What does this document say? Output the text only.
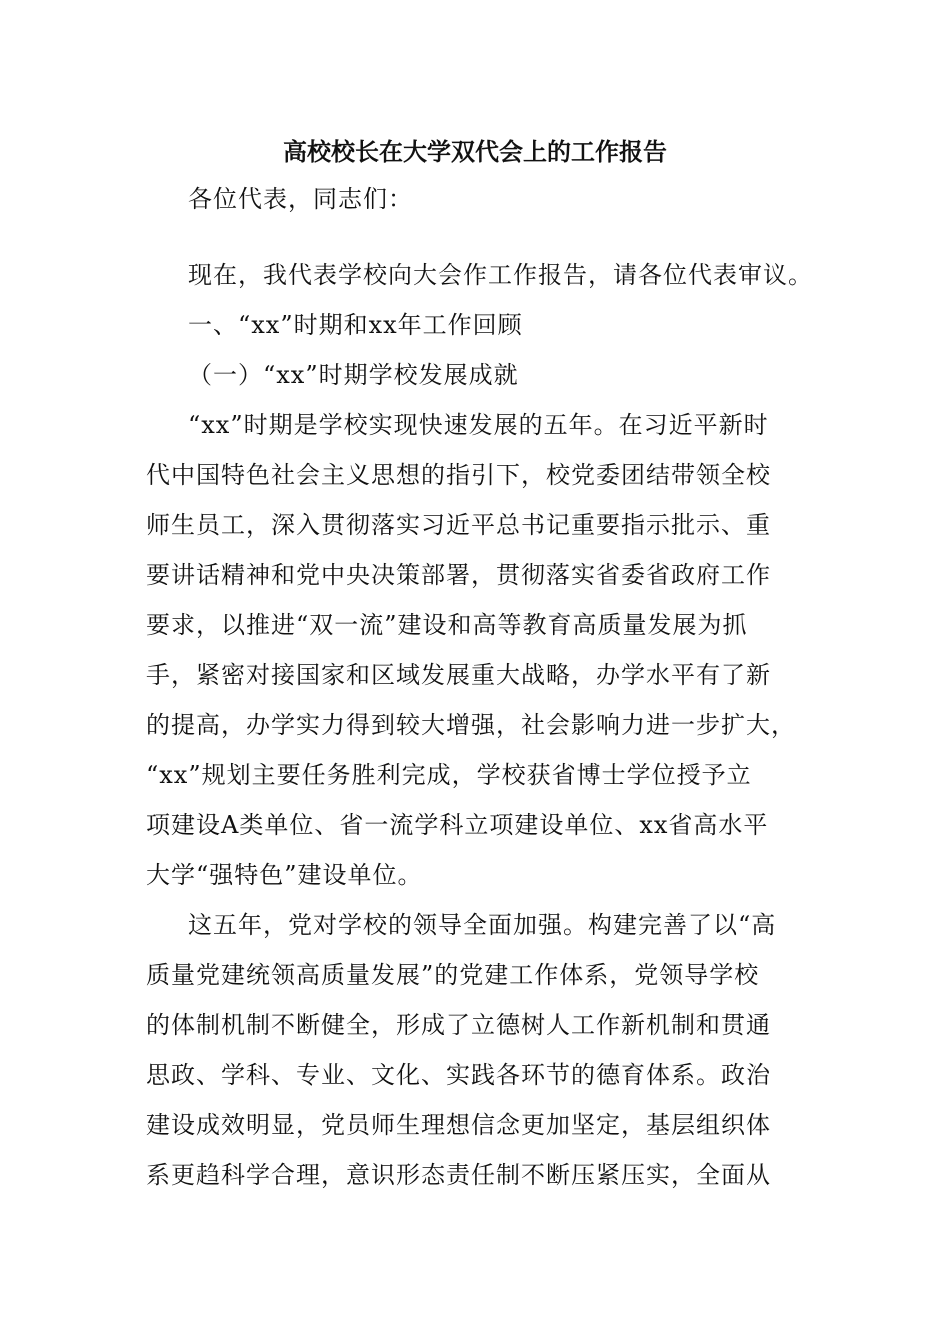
高校校长在大学双代会上的工作报告
各位代表，同志们：
现在，我代表学校向大会作工作报告，请各位代表审议。
一、“xx”时期和xx年工作回顾
（一）“xx”时期学校发展成就
“xx”时期是学校实现快速发展的五年。在习近平新时
代中国特色社会主义思想的指引下，校党委团结带领全校
师生员工，深入贯彻落实习近平总书记重要指示批示、重
要讲话精神和党中央决策部署，贯彻落实省委省政府工作
要求，以推进“双一流”建设和高等教育高质量发展为抓
手，紧密对接国家和区域发展重大战略，办学水平有了新
的提高，办学实力得到较大增强，社会影响力进一步扩大，
“xx”规划主要任务胜利完成，学校获省博士学位授予立
项建设A类单位、省一流学科立项建设单位、xx省高水平
大学“强特色”建设单位。
这五年，党对学校的领导全面加强。构建完善了以“高
质量党建统领高质量发展”的党建工作体系，党领导学校
的体制机制不断健全，形成了立德树人工作新机制和贯通
思政、学科、专业、文化、实践各环节的德育体系。政治
建设成效明显，党员师生理想信念更加坚定，基层组织体
系更趋科学合理，意识形态责任制不断压紧压实，全面从
